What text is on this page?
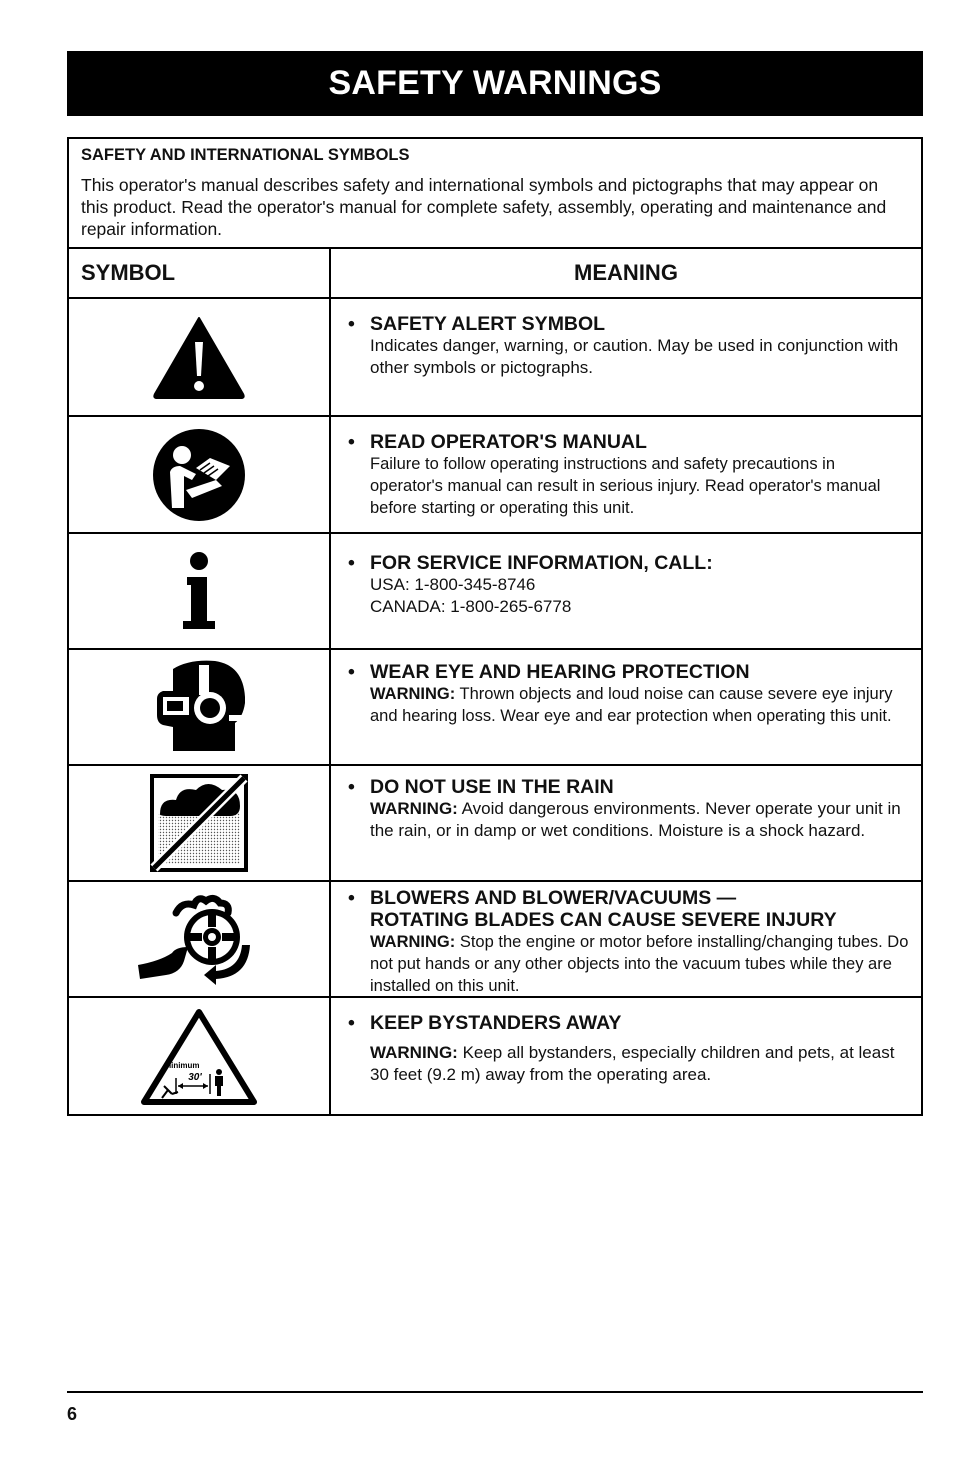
SAFETY WARNINGS
SAFETY AND INTERNATIONAL SYMBOLS
This operator's manual describes safety and international symbols and pictographs that may appear on this product. Read the operator's manual for complete safety, assembly, operating and maintenance and repair information.
SYMBOL	MEANING
• SAFETY ALERT SYMBOL
Indicates danger, warning, or caution. May be used in conjunction with other symbols or pictographs.
• READ OPERATOR'S MANUAL
Failure to follow operating instructions and safety precautions in operator's manual can result in serious injury. Read operator's manual before starting or operating this unit.
• FOR SERVICE INFORMATION, CALL:
USA: 1-800-345-8746
CANADA: 1-800-265-6778
• WEAR EYE AND HEARING PROTECTION
WARNING: Thrown objects and loud noise can cause severe eye injury and hearing loss. Wear eye and ear protection when operating this unit.
• DO NOT USE IN THE RAIN
WARNING: Avoid dangerous environments. Never operate your unit in the rain, or in damp or wet conditions. Moisture is a shock hazard.
• BLOWERS AND BLOWER/VACUUMS —
ROTATING BLADES CAN CAUSE SEVERE INJURY
WARNING: Stop the engine or motor before installing/changing tubes. Do not put hands or any other objects into the vacuum tubes while they are installed on this unit.
Minimum
30'
• KEEP BYSTANDERS AWAY
WARNING: Keep all bystanders, especially children and pets, at least 30 feet (9.2 m) away from the operating area.
6
